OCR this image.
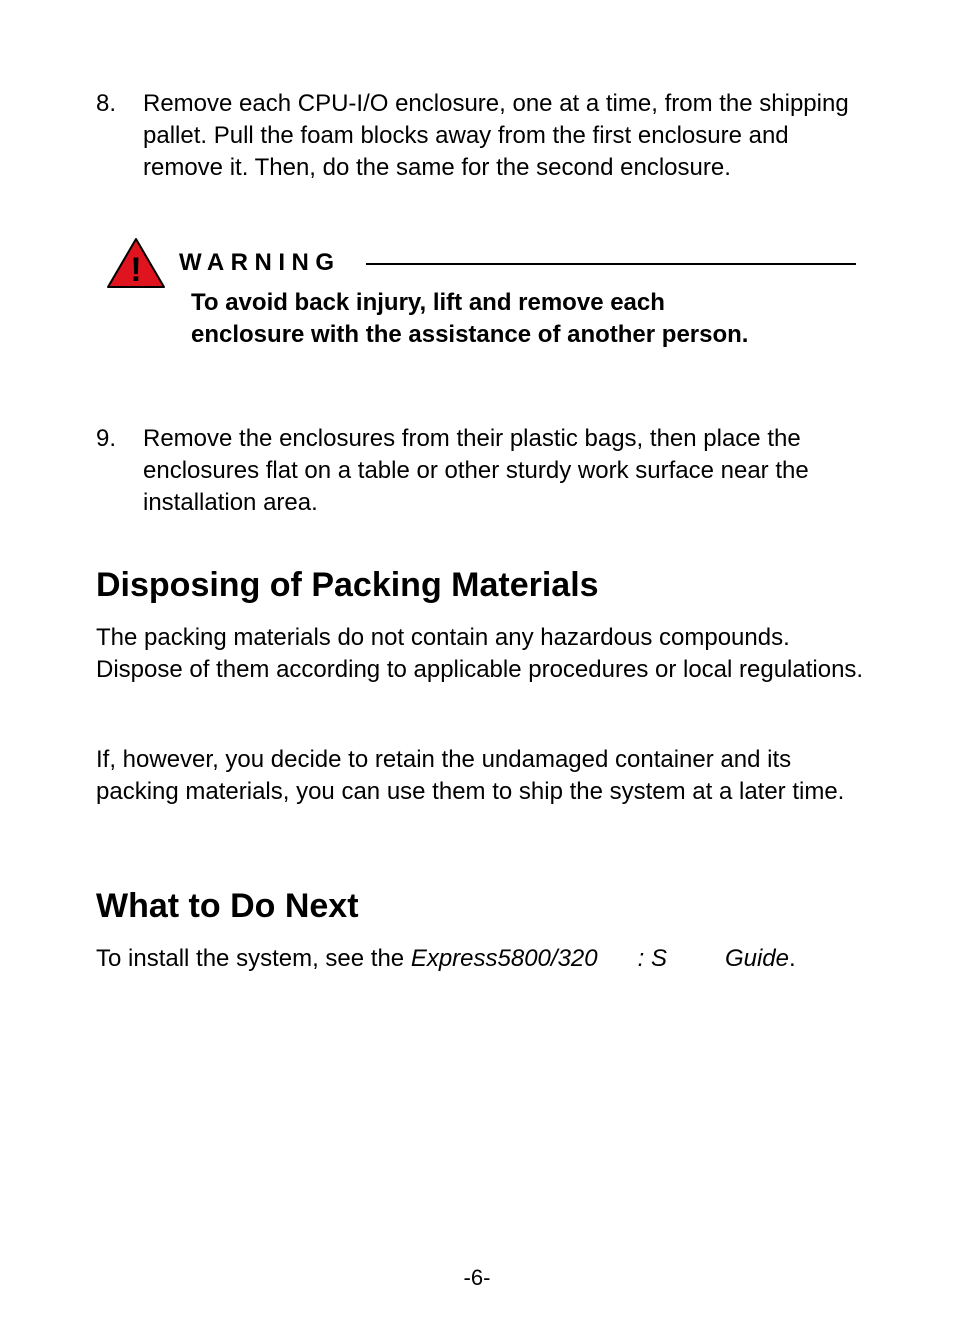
8. Remove each CPU-I/O enclosure, one at a time, from the shipping pallet. Pull the foam blocks away from the first enclosure and remove it. Then, do the same for the second enclosure.
! WARNING
To avoid back injury, lift and remove each enclosure with the assistance of another person.
9. Remove the enclosures from their plastic bags, then place the enclosures flat on a table or other sturdy work surface near the installation area.
Disposing of Packing Materials

The packing materials do not contain any hazardous compounds. Dispose of them according to applicable procedures or local regulations.

If, however, you decide to retain the undamaged container and its packing materials, you can use them to ship the system at a later time.

What to Do Next

To install the system, see the Express5800/320 : S Guide.

-6-
